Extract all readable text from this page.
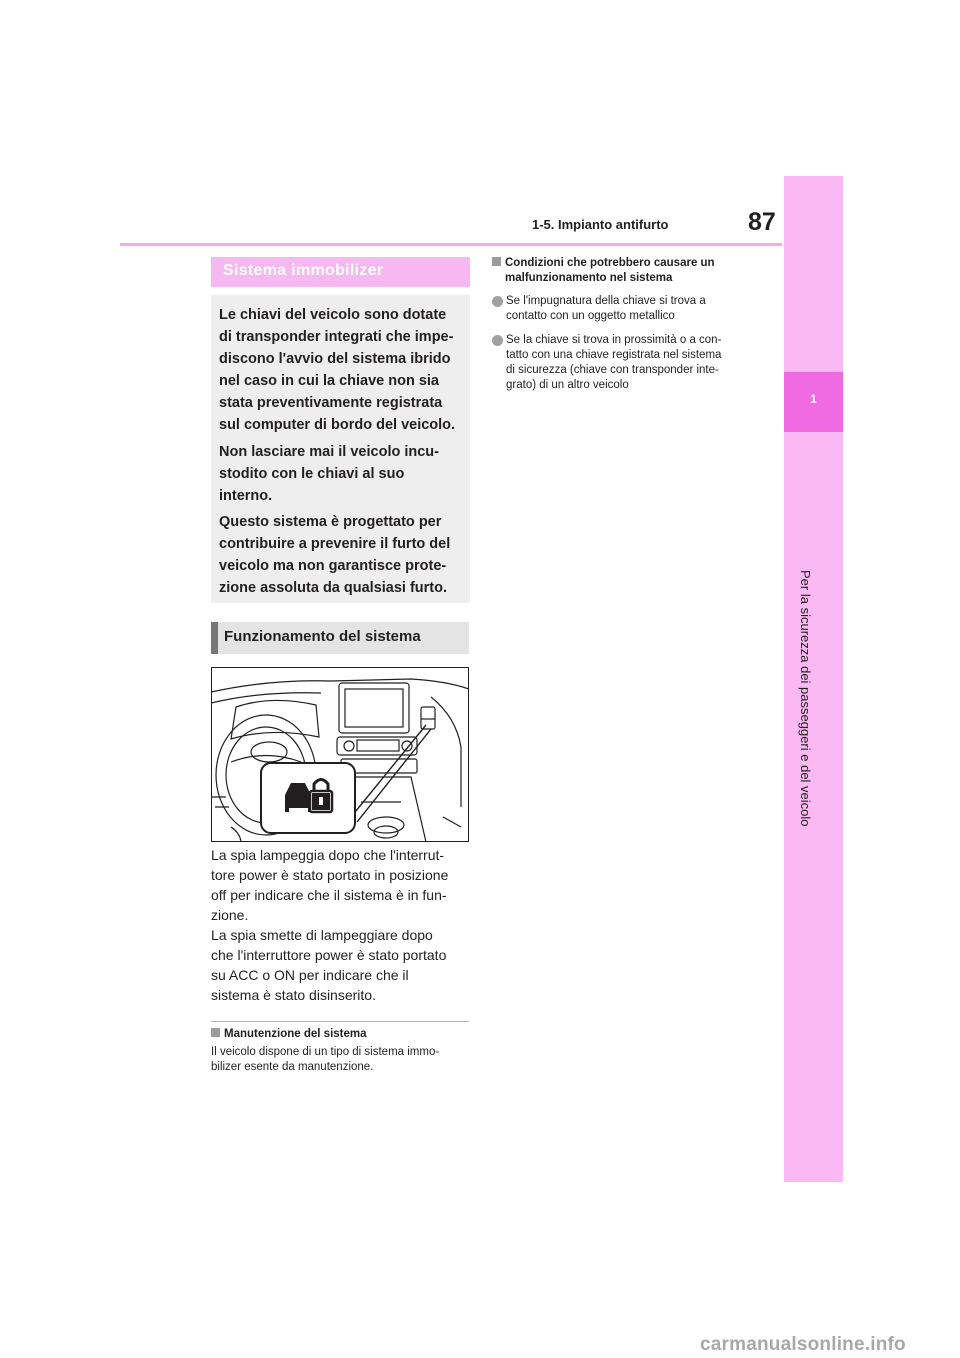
1-5. Impianto antifurto	87
1
Per la sicurezza dei passeggeri e del veicolo
Sistema immobilizer
Le chiavi del veicolo sono dotate
di transponder integrati che impe-
discono l'avvio del sistema ibrido
nel caso in cui la chiave non sia
stata preventivamente registrata
sul computer di bordo del veicolo.
Non lasciare mai il veicolo incu-
stodito con le chiavi al suo
interno.
Questo sistema è progettato per
contribuire a prevenire il furto del
veicolo ma non garantisce prote-
zione assoluta da qualsiasi furto.
Funzionamento del sistema
La spia lampeggia dopo che l'interrut-
tore power è stato portato in posizione
off per indicare che il sistema è in fun-
zione.
La spia smette di lampeggiare dopo
che l'interruttore power è stato portato
su ACC o ON per indicare che il
sistema è stato disinserito.
Manutenzione del sistema
Il veicolo dispone di un tipo di sistema immo-
bilizer esente da manutenzione.
Condizioni che potrebbero causare un
malfunzionamento nel sistema
Se l'impugnatura della chiave si trova a
contatto con un oggetto metallico
Se la chiave si trova in prossimità o a con-
tatto con una chiave registrata nel sistema
di sicurezza (chiave con transponder inte-
grato) di un altro veicolo
carmanualsonline.info
